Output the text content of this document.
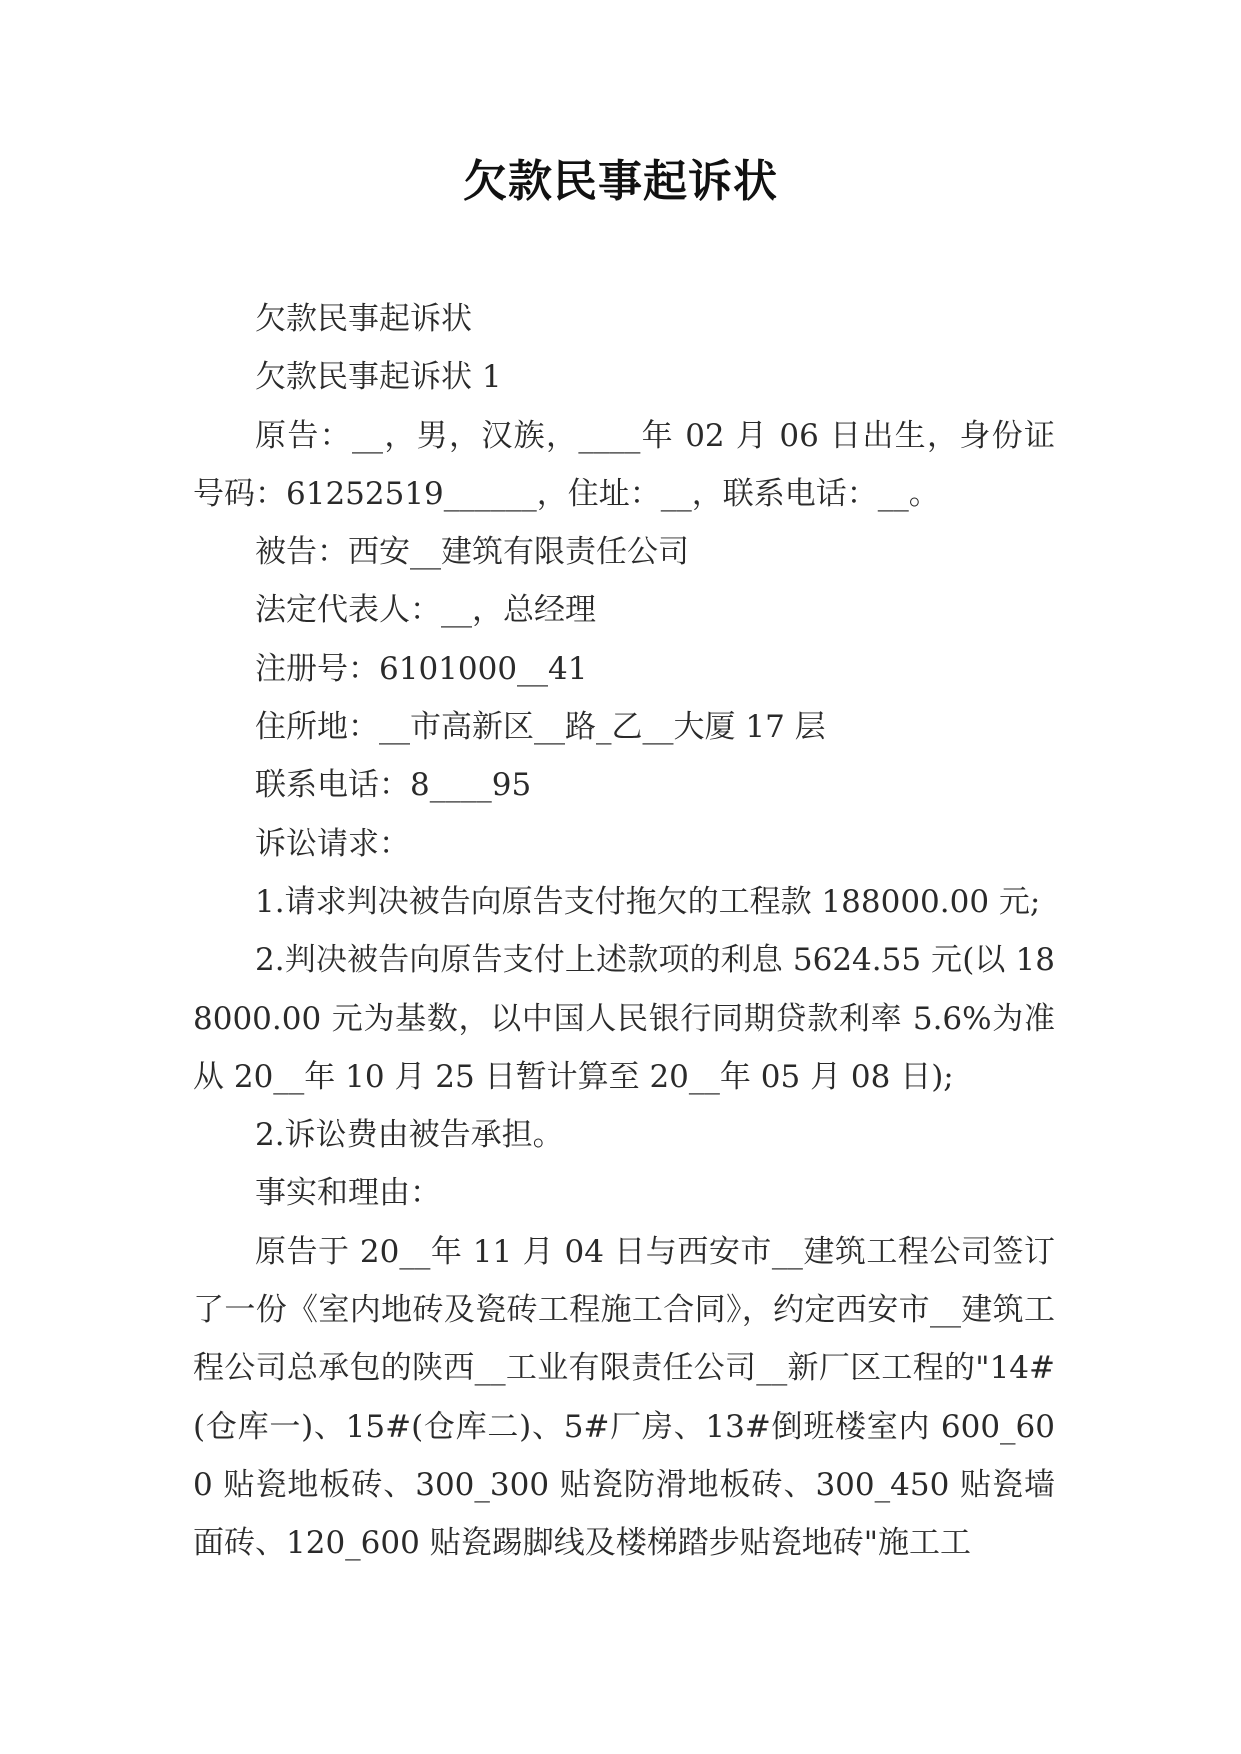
欠款民事起诉状

欠款民事起诉状

欠款民事起诉状 1

原告：__，男，汉族，____年 02 月 06 日出生，身份证号码：61252519______，住址：__，联系电话：__。

被告：西安__建筑有限责任公司

法定代表人：__，总经理

注册号：6101000__41

住所地：__市高新区__路_乙__大厦 17 层

联系电话：8____95

诉讼请求：

1.请求判决被告向原告支付拖欠的工程款 188000.00 元;

2.判决被告向原告支付上述款项的利息 5624.55 元(以 188000.00 元为基数，以中国人民银行同期贷款利率 5.6%为准从 20__年 10 月 25 日暂计算至 20__年 05 月 08 日);

2.诉讼费由被告承担。

事实和理由：

原告于 20__年 11 月 04 日与西安市__建筑工程公司签订了一份《室内地砖及瓷砖工程施工合同》，约定西安市__建筑工程公司总承包的陕西__工业有限责任公司__新厂区工程的"14#(仓库一)、15#(仓库二)、5#厂房、13#倒班楼室内 600_600 贴瓷地板砖、300_300 贴瓷防滑地板砖、300_450 贴瓷墙面砖、120_600 贴瓷踢脚线及楼梯踏步贴瓷地砖"施工工
